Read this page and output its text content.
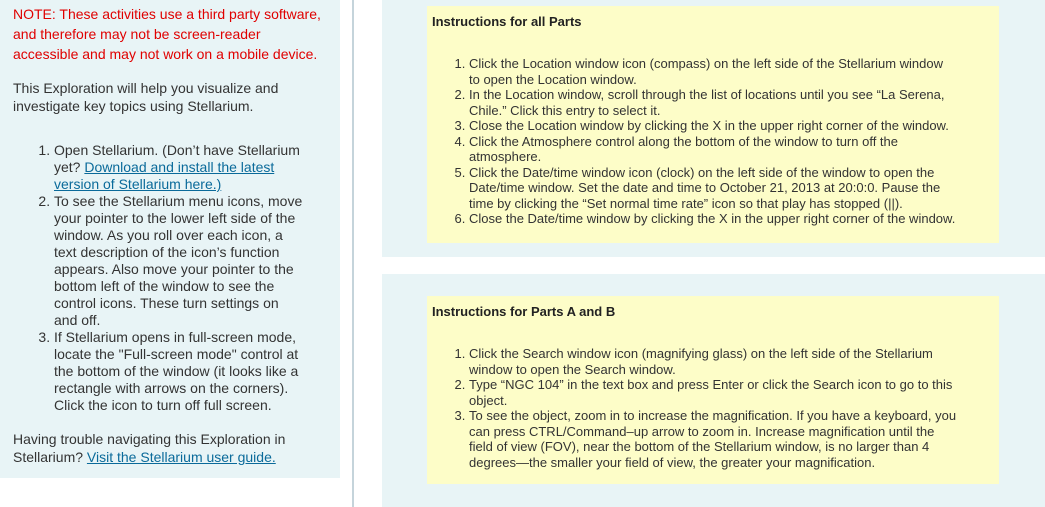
NOTE: These activities use a third party software, and therefore may not be screen-reader accessible and may not work on a mobile device.

This Exploration will help you visualize and investigate key topics using Stellarium.

1. Open Stellarium. (Don’t have Stellarium yet? Download and install the latest version of Stellarium here.)
2. To see the Stellarium menu icons, move your pointer to the lower left side of the window. As you roll over each icon, a text description of the icon’s function appears. Also move your pointer to the bottom left of the window to see the control icons. These turn settings on and off.
3. If Stellarium opens in full-screen mode, locate the "Full-screen mode" control at the bottom of the window (it looks like a rectangle with arrows on the corners). Click the icon to turn off full screen.

Having trouble navigating this Exploration in Stellarium? Visit the Stellarium user guide.

Instructions for all Parts
1. Click the Location window icon (compass) on the left side of the Stellarium window to open the Location window.
2. In the Location window, scroll through the list of locations until you see “La Serena, Chile.” Click this entry to select it.
3. Close the Location window by clicking the X in the upper right corner of the window.
4. Click the Atmosphere control along the bottom of the window to turn off the atmosphere.
5. Click the Date/time window icon (clock) on the left side of the window to open the Date/time window. Set the date and time to October 21, 2013 at 20:0:0. Pause the time by clicking the “Set normal time rate” icon so that play has stopped (||).
6. Close the Date/time window by clicking the X in the upper right corner of the window.
Instructions for Parts A and B
1. Click the Search window icon (magnifying glass) on the left side of the Stellarium window to open the Search window.
2. Type “NGC 104” in the text box and press Enter or click the Search icon to go to this object.
3. To see the object, zoom in to increase the magnification. If you have a keyboard, you can press CTRL/Command–up arrow to zoom in. Increase magnification until the field of view (FOV), near the bottom of the Stellarium window, is no larger than 4 degrees—the smaller your field of view, the greater your magnification.
